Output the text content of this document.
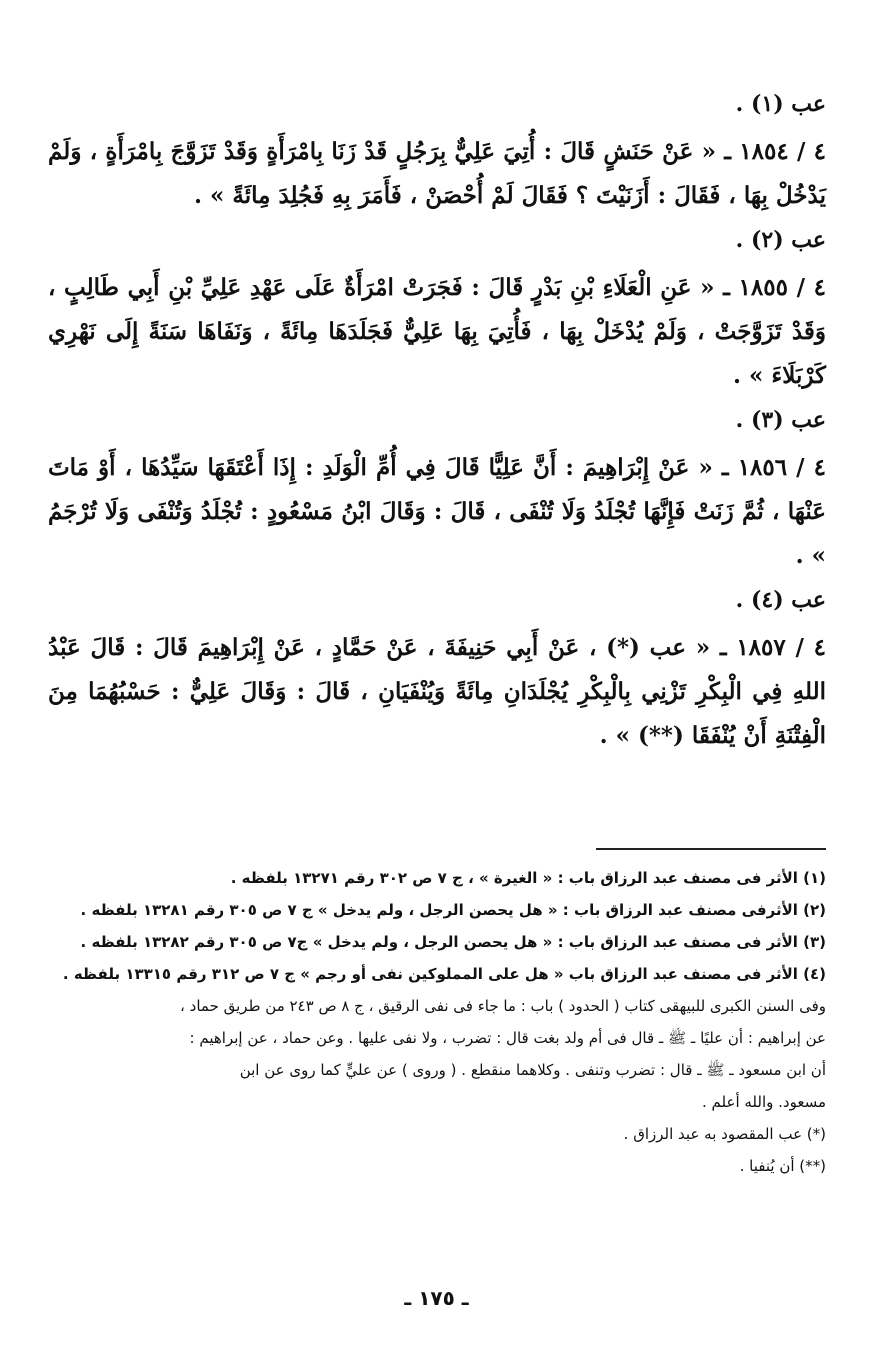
عب (١) .

٤ / ١٨٥٤ ـ « عَنْ حَنَشٍ قَالَ : أُتِيَ عَلِيٌّ بِرَجُلٍ قَدْ زَنَا بِامْرَأَةٍ وَقَدْ تَزَوَّجَ بِامْرَأَةٍ ، وَلَمْ يَدْخُلْ بِهَا ، فَقَالَ : أَزَنَيْتَ ؟ فَقَالَ لَمْ أُحْصَنْ ، فَأَمَرَ بِهِ فَجُلِدَ مِائَةً » .

عب (٢) .

٤ / ١٨٥٥ ـ « عَنِ الْعَلَاءِ بْنِ بَدْرٍ قَالَ : فَجَرَتْ امْرَأَةٌ عَلَى عَهْدِ عَلِيِّ بْنِ أَبِي طَالِبٍ ، وَقَدْ تَزَوَّجَتْ ، وَلَمْ يُدْخَلْ بِهَا ، فَأُتِيَ بِهَا عَلِيٌّ فَجَلَدَهَا مِائَةً ، وَنَفَاهَا سَنَةً إِلَى نَهْرِي كَرْبَلَاءَ » .

عب (٣) .

٤ / ١٨٥٦ ـ « عَنْ إِبْرَاهِيمَ : أَنَّ عَلِيًّا قَالَ فِي أُمِّ الْوَلَدِ : إِذَا أَعْتَقَهَا سَيِّدُهَا ، أَوْ مَاتَ عَنْهَا ، ثُمَّ زَنَتْ فَإِنَّهَا تُجْلَدُ وَلَا تُنْفَى ، قَالَ : وَقَالَ ابْنُ مَسْعُودٍ : تُجْلَدُ وَتُنْفَى وَلَا تُرْجَمُ » .

عب (٤) .

٤ / ١٨٥٧ ـ « عب (*) ، عَنْ أَبِي حَنِيفَةَ ، عَنْ حَمَّادٍ ، عَنْ إِبْرَاهِيمَ قَالَ : قَالَ عَبْدُ اللهِ فِي الْبِكْرِ تَزْنِي بِالْبِكْرِ يُجْلَدَانِ مِائَةً وَيُنْفَيَانِ ، قَالَ : وَقَالَ عَلِيٌّ : حَسْبُهُمَا مِنَ الْفِتْنَةِ أَنْ يُنْفَقَا (**) » .

(١) الأثر فى مصنف عبد الرزاق باب : « الغيرة » ، ج ٧ ص ٣٠٢ رقم ١٣٢٧١ بلفظه .

(٢) الأثرفى مصنف عبد الرزاق باب : « هل يحصن الرجل ، ولم يدخل » ج ٧ ص ٣٠٥ رقم ١٣٢٨١ بلفظه .

(٣) الأثر فى مصنف عبد الرزاق باب : « هل يحصن الرجل ، ولم يدخل » ج٧ ص ٣٠٥ رقم ١٣٢٨٢ بلفظه .

(٤) الأثر فى مصنف عبد الرزاق باب « هل على المملوكين نفى أو رجم » ج ٧ ص ٣١٢ رقم ١٣٣١٥ بلفظه .

وفى السنن الكبرى للبيهقى كتاب ( الحدود ) باب : ما جاء فى نفى الرقيق ، ج ٨ ص ٢٤٣ من طريق حماد ،

عن إبراهيم : أن عليًا ـ ﷺ ـ قال فى أم ولد بغت قال : تضرب ، ولا نفى عليها . وعن حماد ، عن إبراهيم :

أن ابن مسعود ـ ﷺ ـ قال : تضرب وتنفى . وكلاهما منقطع . ( وروى ) عن عليٍّ كما روى عن ابن

مسعود. والله أعلم .

(*) عب المقصود به عبد الرزاق .

(**) أن يُنفيا .

ـ ١٧٥ ـ
